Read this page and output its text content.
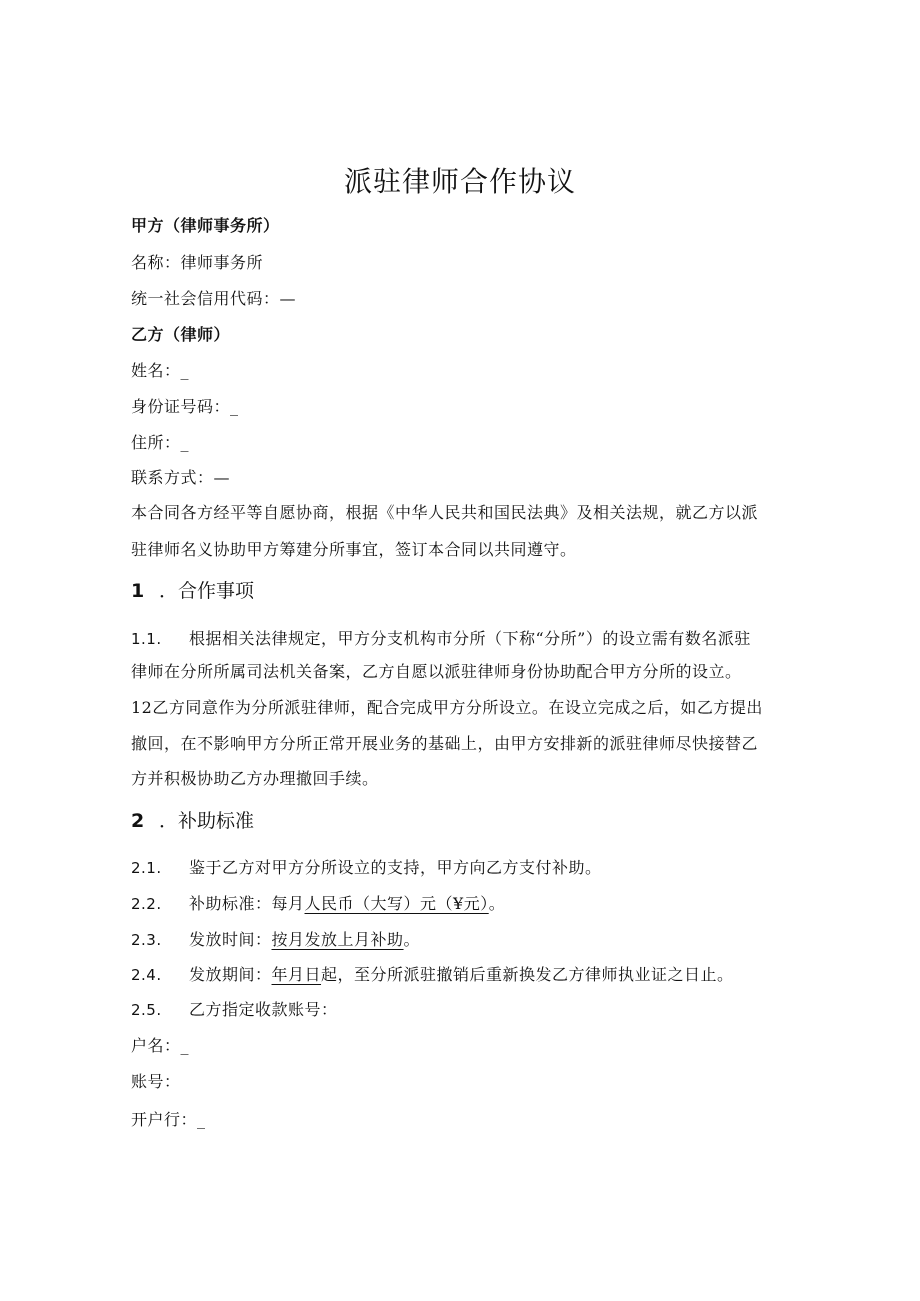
派驻律师合作协议
甲方（律师事务所）
名称：律师事务所
统一社会信用代码：—
乙方（律师）
姓名：_
身份证号码：_
住所：_
联系方式：—
本合同各方经平等自愿协商，根据《中华人民共和国民法典》及相关法规，就乙方以派
驻律师名义协助甲方筹建分所事宜，签订本合同以共同遵守。
1 ．合作事项
1.1. 根据相关法律规定，甲方分支机构市分所（下称“分所”）的设立需有数名派驻
律师在分所所属司法机关备案，乙方自愿以派驻律师身份协助配合甲方分所的设立。
12乙方同意作为分所派驻律师，配合完成甲方分所设立。在设立完成之后，如乙方提出
撤回，在不影响甲方分所正常开展业务的基础上，由甲方安排新的派驻律师尽快接替乙
方并积极协助乙方办理撤回手续。
2 ．补助标准
2.1. 鉴于乙方对甲方分所设立的支持，甲方向乙方支付补助。
2.2. 补助标准：每月人民币（大写）元（¥元）。
2.3. 发放时间：按月发放上月补助。
2.4. 发放期间：年月日起，至分所派驻撤销后重新换发乙方律师执业证之日止。
2.5. 乙方指定收款账号：
户名：_
账号：
开户行：_
